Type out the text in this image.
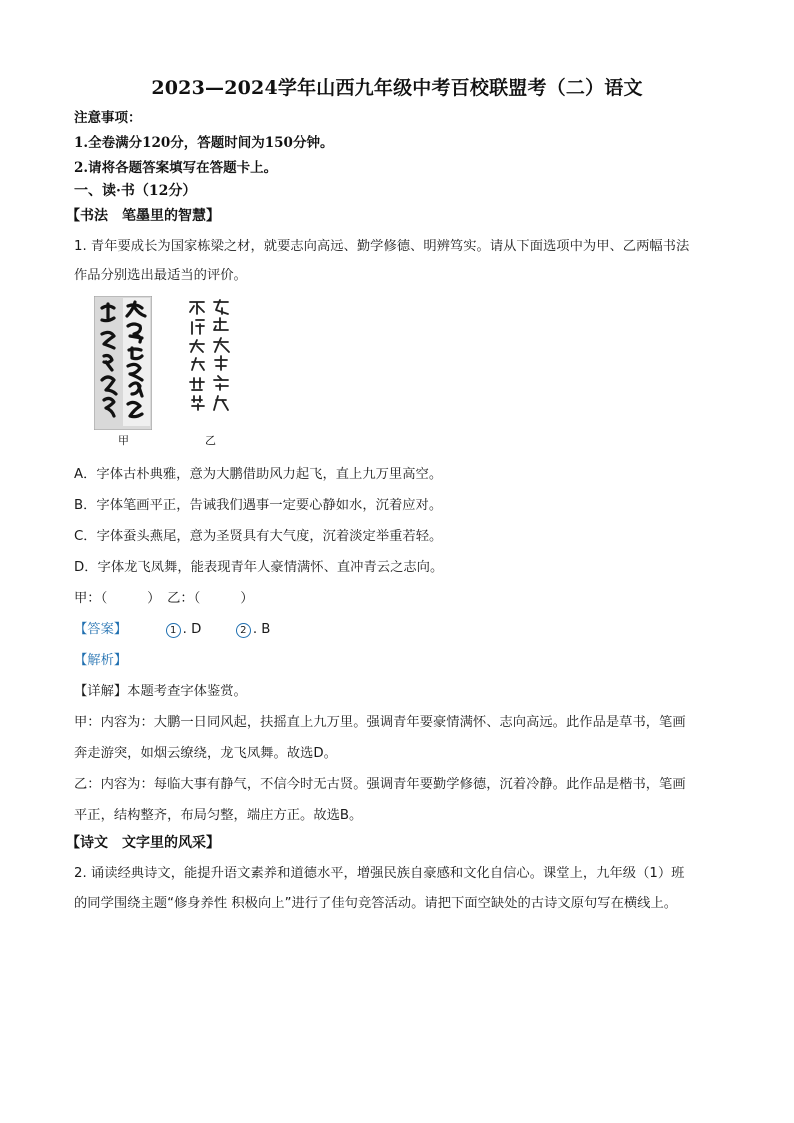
2023—2024学年山西九年级中考百校联盟考（二）语文
注意事项：
1.全卷满分120分，答题时间为150分钟。
2.请将各题答案填写在答题卡上。
一、读·书（12分）
【书法　笔墨里的智慧】
1. 青年要成长为国家栋梁之材，就要志向高远、勤学修德、明辨笃实。请从下面选项中为甲、乙两幅书法
作品分别选出最适当的评价。
甲	乙
A．字体古朴典雅，意为大鹏借助风力起飞，直上九万里高空。
B．字体笔画平正，告诫我们遇事一定要心静如水，沉着应对。
C．字体蚕头燕尾，意为圣贤具有大气度，沉着淡定举重若轻。
D．字体龙飞凤舞，能表现青年人豪情满怀、直冲青云之志向。
甲：（　　　）　乙：（　　　）
【答案】	1 . D	2 . B
【解析】
【详解】本题考查字体鉴赏。
甲：内容为：大鹏一日同风起，扶摇直上九万里。强调青年要豪情满怀、志向高远。此作品是草书，笔画
奔走游突，如烟云缭绕，龙飞凤舞。故选D。
乙：内容为：每临大事有静气，不信今时无古贤。强调青年要勤学修德，沉着冷静。此作品是楷书，笔画
平正，结构整齐，布局匀整，端庄方正。故选B。
【诗文　文字里的风采】
2. 诵读经典诗文，能提升语文素养和道德水平，增强民族自豪感和文化自信心。课堂上，九年级（1）班
的同学围绕主题“修身养性 积极向上”进行了佳句竞答活动。请把下面空缺处的古诗文原句写在横线上。
